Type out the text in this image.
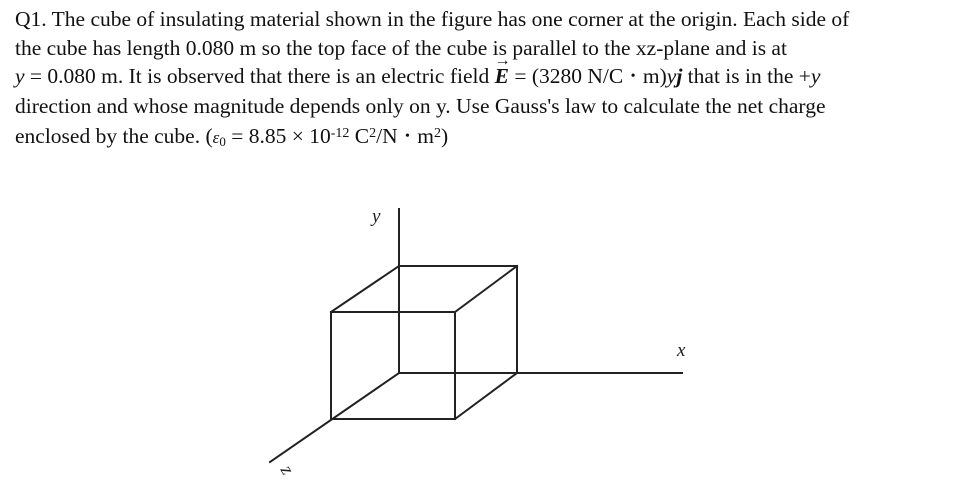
Q1. The cube of insulating material shown in the figure has one corner at the origin. Each side of
the cube has length 0.080 m so the top face of the cube is parallel to the xz-plane and is at
y = 0.080 m. It is observed that there is an electric field → E = (3280 N/C • m)yj that is in the +y
direction and whose magnitude depends only on y. Use Gauss's law to calculate the net charge
enclosed by the cube. ($\varepsilon_0 = 8.85 \times 10^{-12}$ $C^2/N$ • $m^2$)
y
x
z
